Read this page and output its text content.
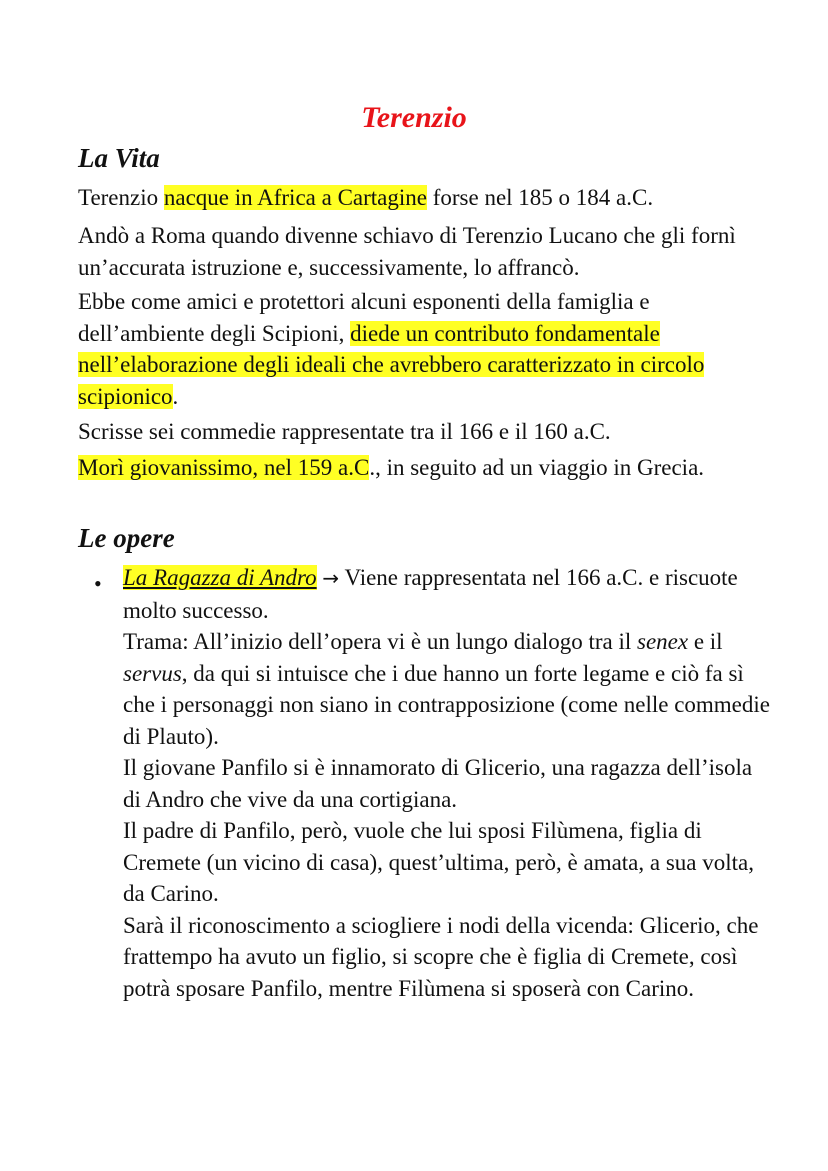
Terenzio
La Vita

Terenzio nacque in Africa a Cartagine forse nel 185 o 184 a.C.

Andò a Roma quando divenne schiavo di Terenzio Lucano che gli fornì un’accurata istruzione e, successivamente, lo affrancò.

Ebbe come amici e protettori alcuni esponenti della famiglia e dell’ambiente degli Scipioni, diede un contributo fondamentale nell’elaborazione degli ideali che avrebbero caratterizzato in circolo scipionico.

Scrisse sei commedie rappresentate tra il 166 e il 160 a.C.

Morì giovanissimo, nel 159 a.C., in seguito ad un viaggio in Grecia.

Le opere
• La Ragazza di Andro → Viene rappresentata nel 166 a.C. e riscuote molto successo.

Trama: All’inizio dell’opera vi è un lungo dialogo tra il senex e il servus, da qui si intuisce che i due hanno un forte legame e ciò fa sì che i personaggi non siano in contrapposizione (come nelle commedie di Plauto).

Il giovane Panfilo si è innamorato di Glicerio, una ragazza dell’isola di Andro che vive da una cortigiana.

Il padre di Panfilo, però, vuole che lui sposi Filùmena, figlia di Cremete (un vicino di casa), quest’ultima, però, è amata, a sua volta, da Carino.

Sarà il riconoscimento a sciogliere i nodi della vicenda: Glicerio, che frattempo ha avuto un figlio, si scopre che è figlia di Cremete, così potrà sposare Panfilo, mentre Filùmena si sposerà con Carino.
